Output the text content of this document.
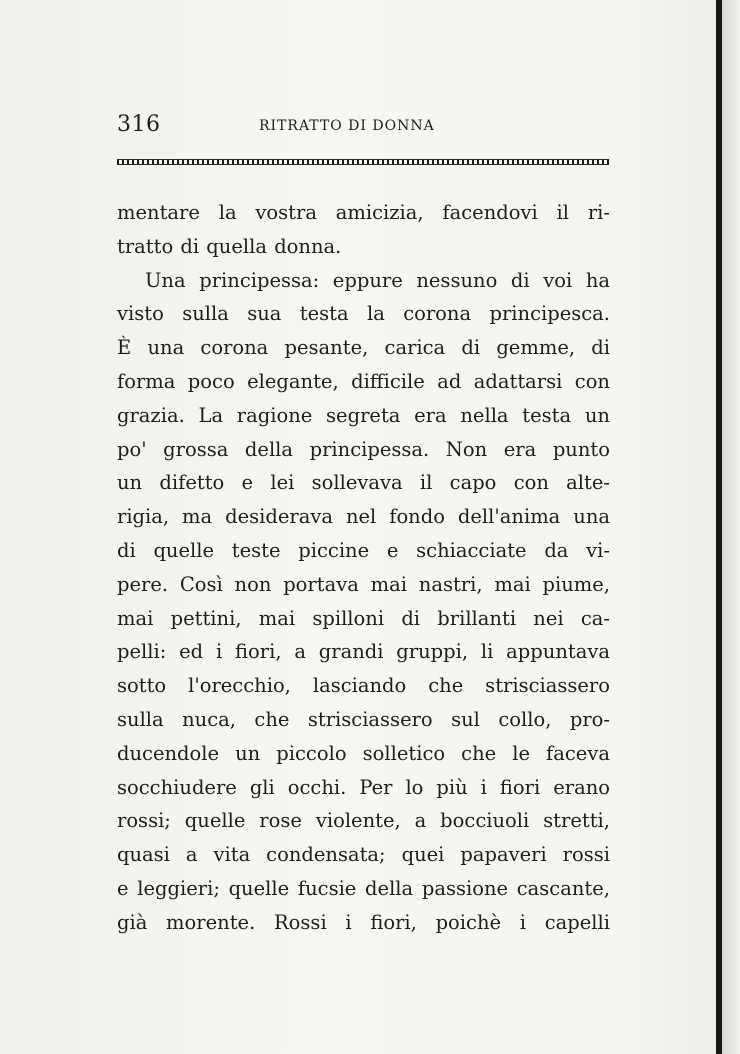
316	RITRATTO DI DONNA
mentare la vostra amicizia, facendovi il ri-
tratto di quella donna.
Una principessa: eppure nessuno di voi ha
visto sulla sua testa la corona principesca.
È una corona pesante, carica di gemme, di
forma poco elegante, difficile ad adattarsi con
grazia. La ragione segreta era nella testa un
po' grossa della principessa. Non era punto
un difetto e lei sollevava il capo con alte-
rigia, ma desiderava nel fondo dell'anima una
di quelle teste piccine e schiacciate da vi-
pere. Così non portava mai nastri, mai piume,
mai pettini, mai spilloni di brillanti nei ca-
pelli: ed i fiori, a grandi gruppi, li appuntava
sotto l'orecchio, lasciando che strisciassero
sulla nuca, che strisciassero sul collo, pro-
ducendole un piccolo solletico che le faceva
socchiudere gli occhi. Per lo più i fiori erano
rossi; quelle rose violente, a bocciuoli stretti,
quasi a vita condensata; quei papaveri rossi
e leggieri; quelle fucsie della passione cascante,
già morente. Rossi i fiori, poichè i capelli
